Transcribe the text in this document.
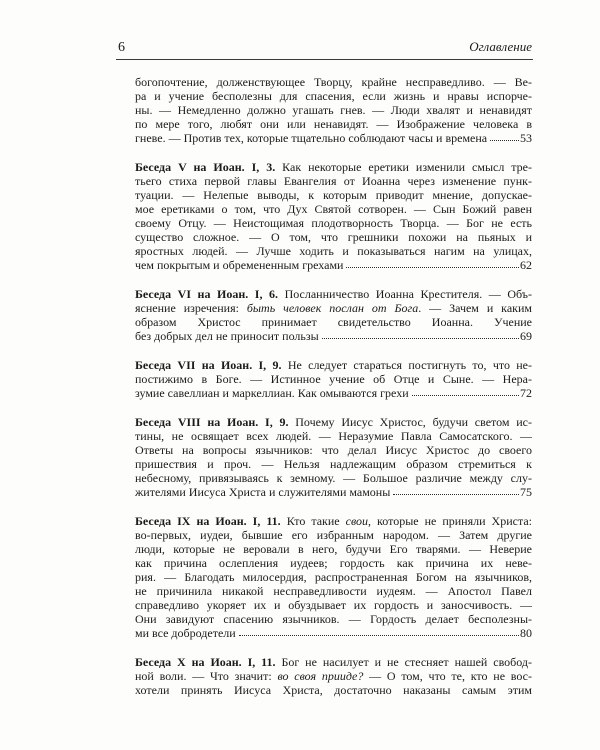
6	Оглавление
богопочтение, долженствующее Творцу, крайне несправедливо. — Ве-
ра и учение бесполезны для спасения, если жизнь и нравы испорче-
ны. — Немедленно должно угашать гнев. — Люди хвалят и ненавидят
по мере того, любят они или ненавидят. — Изображение человека в
гневе. — Против тех, которые тщательно соблюдают часы и времена	53
Беседа V на Иоан. I, 3. Как некоторые еретики изменили смысл тре-
тьего стиха первой главы Евангелия от Иоанна через изменение пунк-
туации. — Нелепые выводы, к которым приводит мнение, допускае-
мое еретиками о том, что Дух Святой сотворен. — Сын Божий равен
своему Отцу. — Неистощимая плодотворность Творца. — Бог не есть
существо сложное. — О том, что грешники похожи на пьяных и
яростных людей. — Лучше ходить и показываться нагим на улицах,
чем покрытым и обремененным грехами	62
Беседа VI на Иоан. I, 6. Посланничество Иоанна Крестителя. — Объ-
яснение изречения: быть человек послан от Бога. — Зачем и каким
образом Христос принимает свидетельство Иоанна. Учение
без добрых дел не приносит пользы	69
Беседа VII на Иоан. I, 9. Не следует стараться постигнуть то, что не-
постижимо в Боге. — Истинное учение об Отце и Сыне. — Нера-
зумие савеллиан и маркеллиан. Как омываются грехи	72
Беседа VIII на Иоан. I, 9. Почему Иисус Христос, будучи светом ис-
тины, не освящает всех людей. — Неразумие Павла Самосатского. —
Ответы на вопросы язычников: что делал Иисус Христос до своего
пришествия и проч. — Нельзя надлежащим образом стремиться к
небесному, привязываясь к земному. — Большое различие между слу-
жителями Иисуса Христа и служителями мамоны	75
Беседа IX на Иоан. I, 11. Кто такие свои, которые не приняли Христа:
во-первых, иудеи, бывшие его избранным народом. — Затем другие
люди, которые не веровали в него, будучи Его тварями. — Неверие
как причина ослепления иудеев; гордость как причина их неве-
рия. — Благодать милосердия, распространенная Богом на язычников,
не причинила никакой несправедливости иудеям. — Апостол Павел
справедливо укоряет их и обуздывает их гордость и заносчивость. —
Они завидуют спасению язычников. — Гордость делает бесполезны-
ми все добродетели	80
Беседа X на Иоан. I, 11. Бог не насилует и не стесняет нашей свобод-
ной воли. — Что значит: во своя прииде? — О том, что те, кто не вос-
хотели принять Иисуса Христа, достаточно наказаны самым этим
